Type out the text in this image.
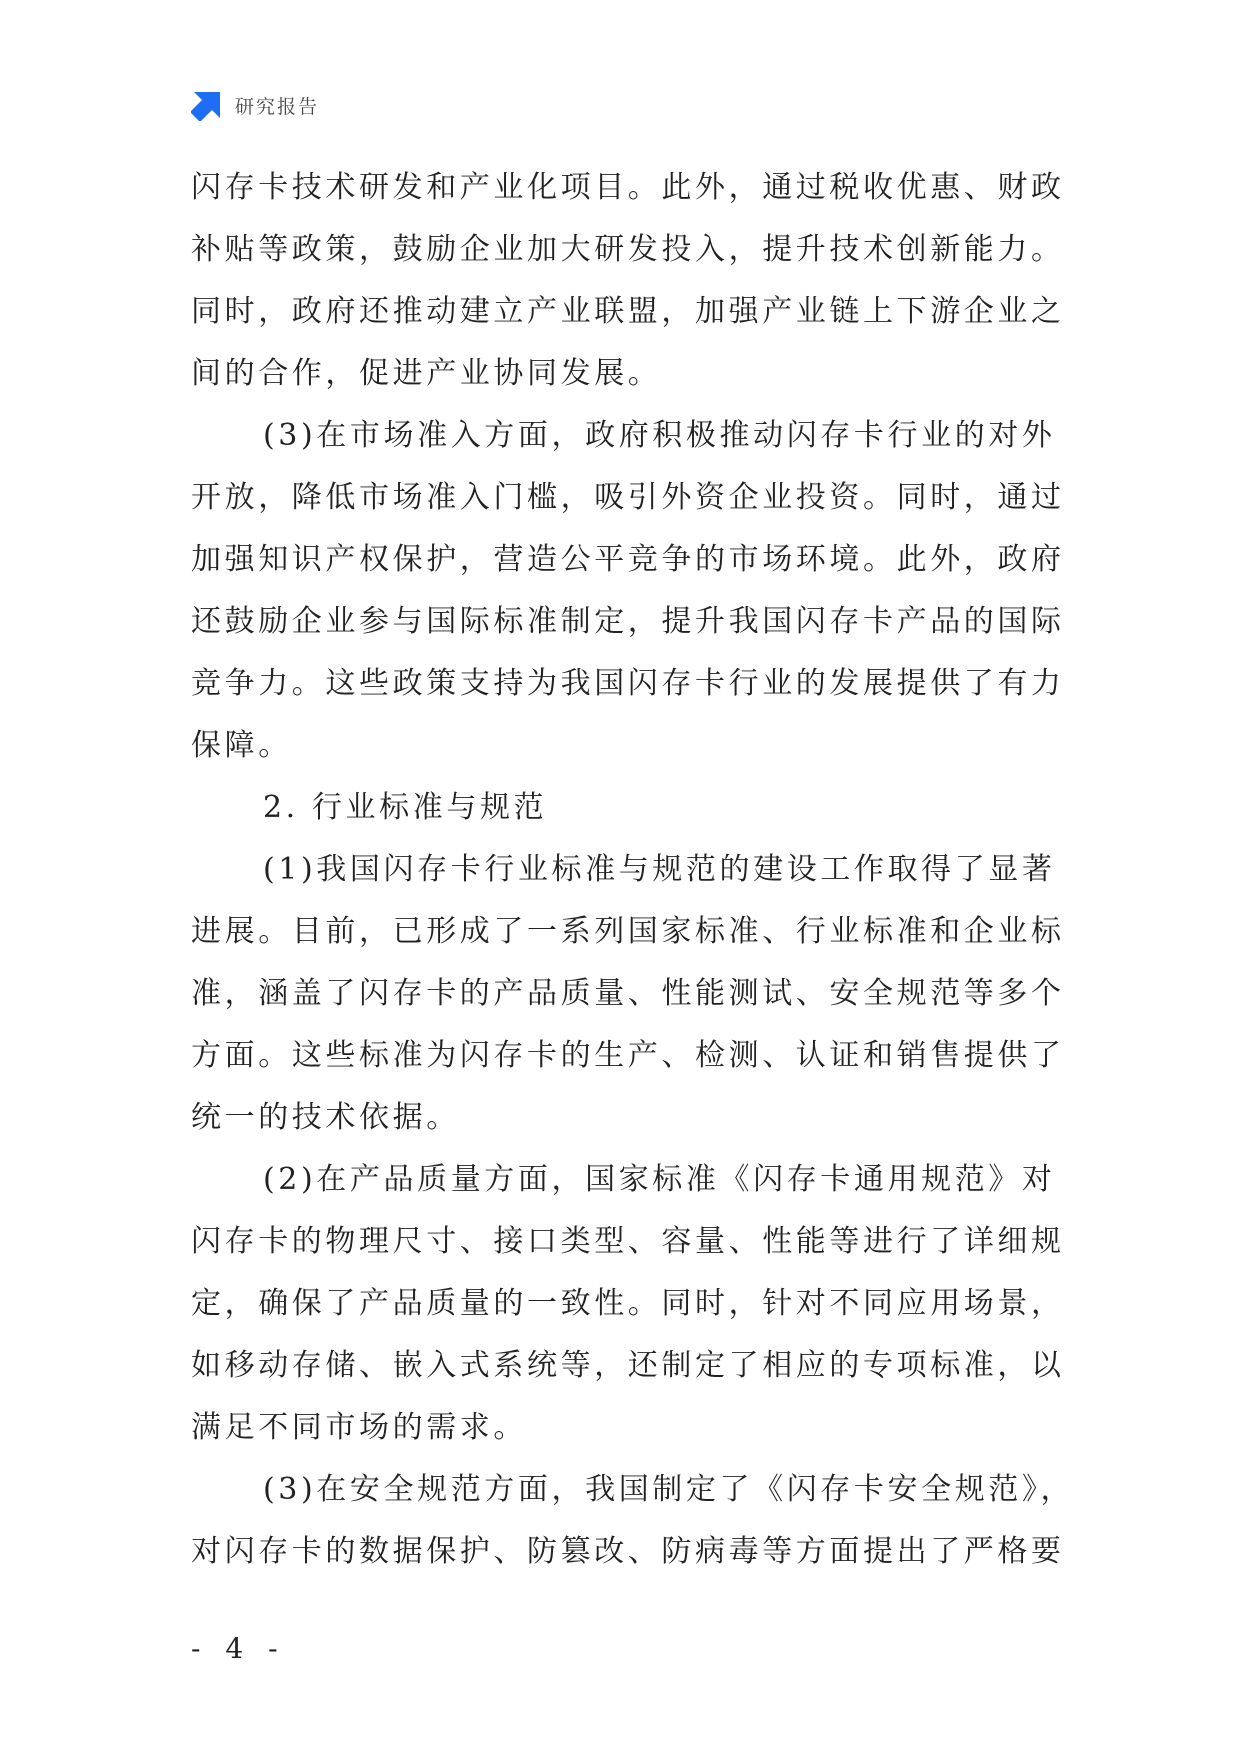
研究报告
闪存卡技术研发和产业化项目。此外，通过税收优惠、财政
补贴等政策，鼓励企业加大研发投入，提升技术创新能力。
同时，政府还推动建立产业联盟，加强产业链上下游企业之
间的合作，促进产业协同发展。
(3)在市场准入方面，政府积极推动闪存卡行业的对外
开放，降低市场准入门槛，吸引外资企业投资。同时，通过
加强知识产权保护，营造公平竞争的市场环境。此外，政府
还鼓励企业参与国际标准制定，提升我国闪存卡产品的国际
竞争力。这些政策支持为我国闪存卡行业的发展提供了有力
保障。
2. 行业标准与规范
(1)我国闪存卡行业标准与规范的建设工作取得了显著
进展。目前，已形成了一系列国家标准、行业标准和企业标
准，涵盖了闪存卡的产品质量、性能测试、安全规范等多个
方面。这些标准为闪存卡的生产、检测、认证和销售提供了
统一的技术依据。
(2)在产品质量方面，国家标准《闪存卡通用规范》对
闪存卡的物理尺寸、接口类型、容量、性能等进行了详细规
定，确保了产品质量的一致性。同时，针对不同应用场景，
如移动存储、嵌入式系统等，还制定了相应的专项标准，以
满足不同市场的需求。
(3)在安全规范方面，我国制定了《闪存卡安全规范》，
对闪存卡的数据保护、防篡改、防病毒等方面提出了严格要
- 4 -
